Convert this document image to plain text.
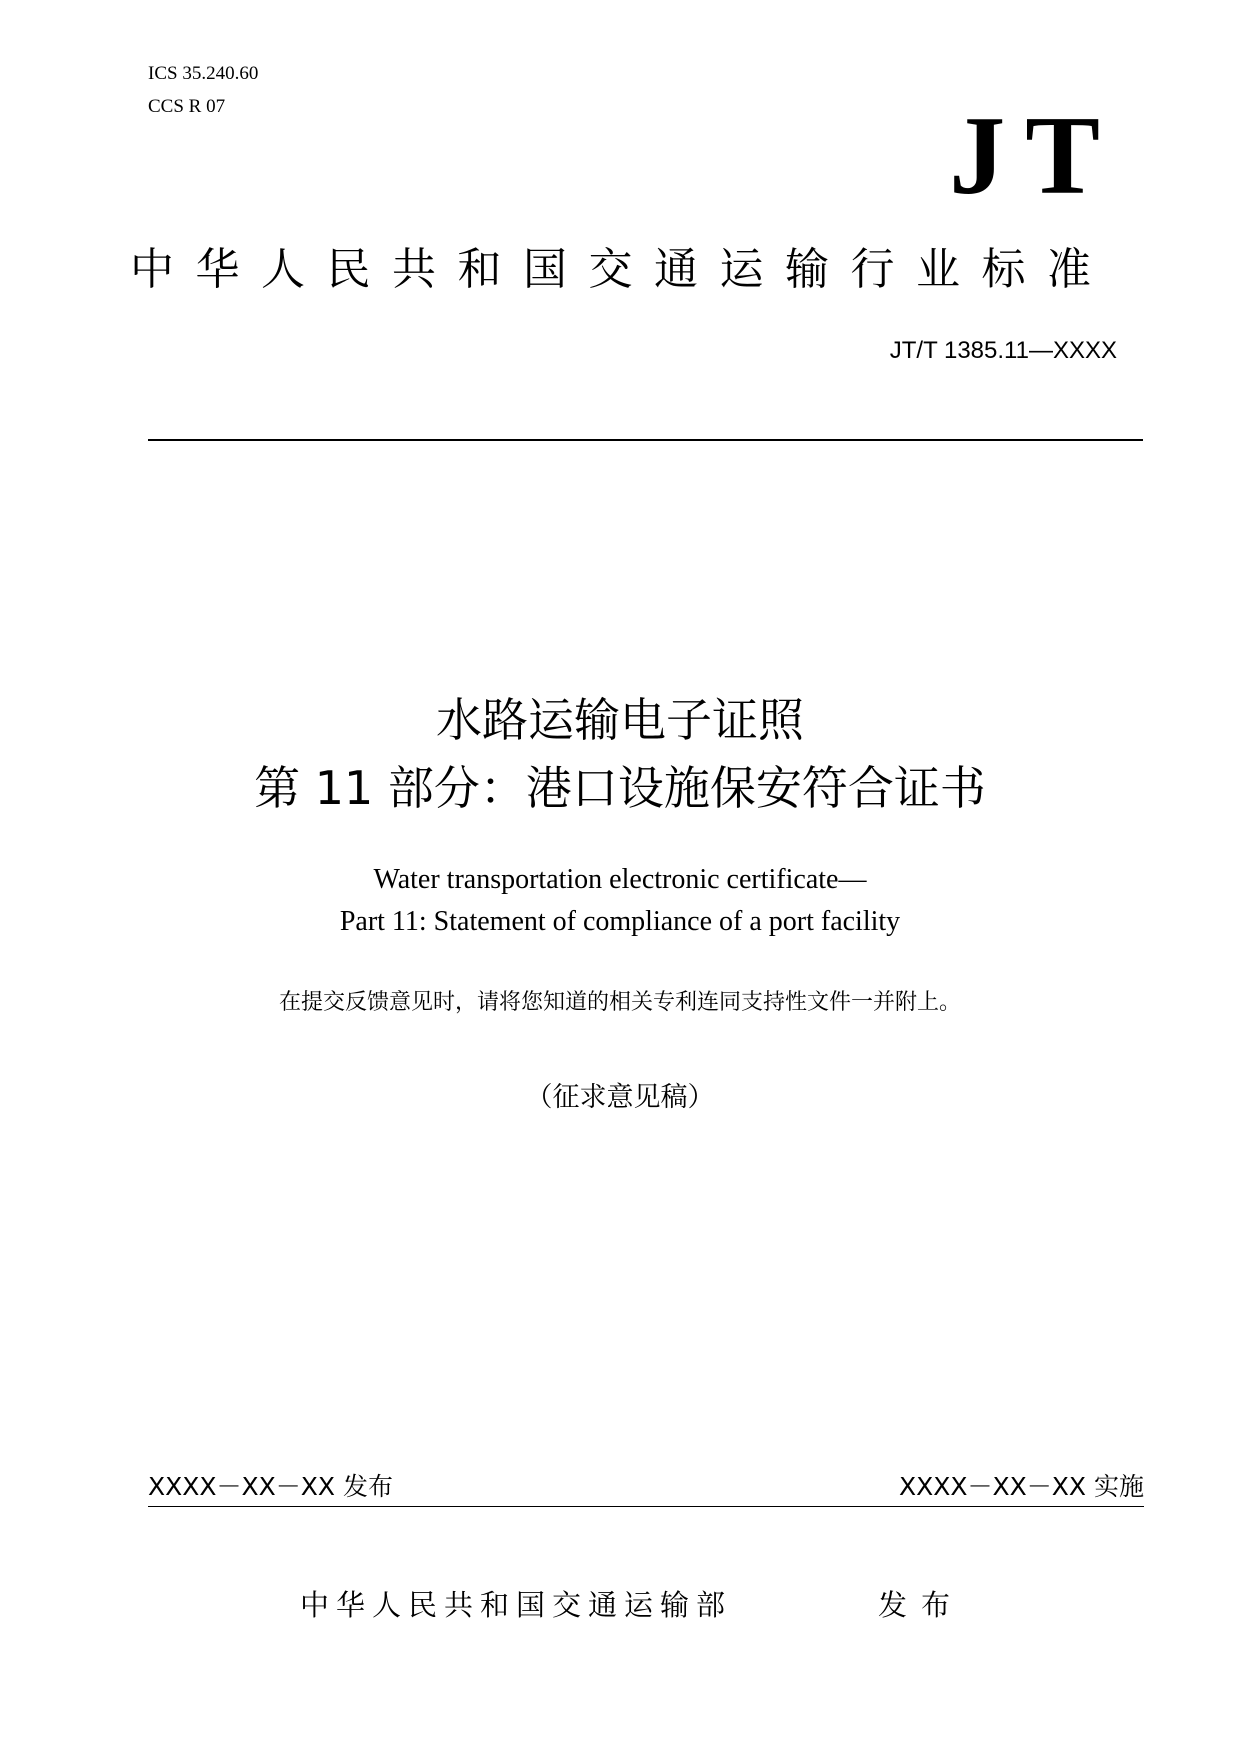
ICS 35.240.60
CCS R 07	JT
中华人民共和国交通运输行业标准
JT/T 1385.11—XXXX
水路运输电子证照
第 11 部分：港口设施保安符合证书
Water transportation electronic certificate—
Part 11: Statement of compliance of a port facility
在提交反馈意见时，请将您知道的相关专利连同支持性文件一并附上。
（征求意见稿）
XXXX－XX－XX 发布	XXXX－XX－XX 实施
中华人民共和国交通运输部	发布
